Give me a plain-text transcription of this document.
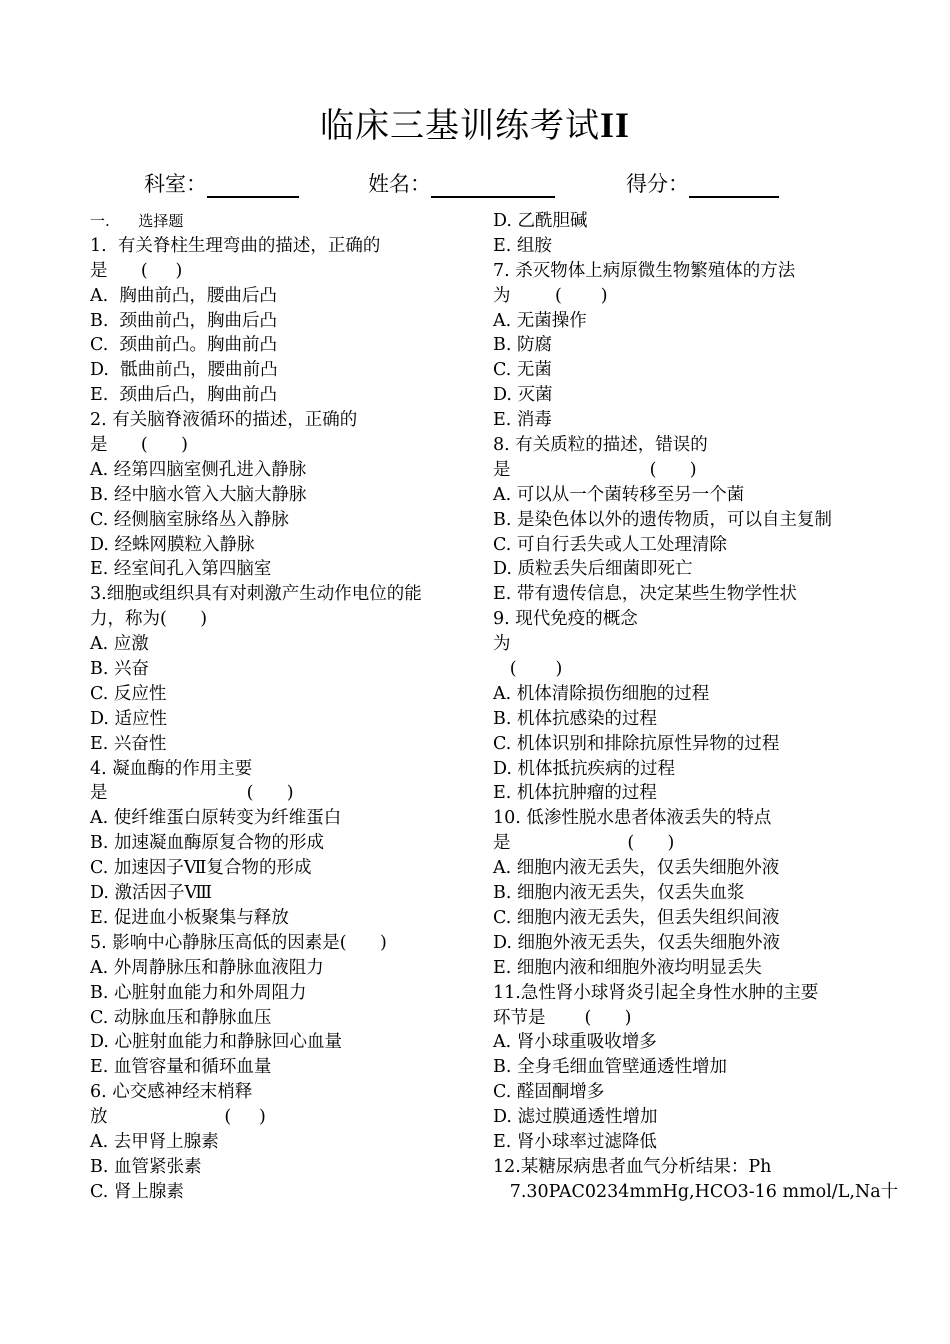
临床三基训练考试II
科室：	姓名：	得分：
一.      选择题
1.  有关脊柱生理弯曲的描述，正确的
是      (     )
A.  胸曲前凸，腰曲后凸
B.  颈曲前凸，胸曲后凸
C.  颈曲前凸。胸曲前凸
D.  骶曲前凸，腰曲前凸
E.  颈曲后凸，胸曲前凸
2. 有关脑脊液循环的描述，正确的
是      (      )
A. 经第四脑室侧孔进入静脉
B. 经中脑水管入大脑大静脉
C. 经侧脑室脉络丛入静脉
D. 经蛛网膜粒入静脉
E. 经室间孔入第四脑室
3.细胞或组织具有对刺激产生动作电位的能
力，称为(      )
A. 应激
B. 兴奋
C. 反应性
D. 适应性
E. 兴奋性
4. 凝血酶的作用主要
是                         (      )
A. 使纤维蛋白原转变为纤维蛋白
B. 加速凝血酶原复合物的形成
C. 加速因子Ⅶ复合物的形成
D. 激活因子Ⅷ
E. 促进血小板聚集与释放
5. 影响中心静脉压高低的因素是(      )
A. 外周静脉压和静脉血液阻力
B. 心脏射血能力和外周阻力
C. 动脉血压和静脉血压
D. 心脏射血能力和静脉回心血量
E. 血管容量和循环血量
6. 心交感神经末梢释
放                     (     )
A. 去甲肾上腺素
B. 血管紧张素
C. 肾上腺素
D. 乙酰胆碱
E. 组胺
7. 杀灭物体上病原微生物繁殖体的方法
为        (       )
A. 无菌操作
B. 防腐
C. 无菌
D. 灭菌
E. 消毒
8. 有关质粒的描述，错误的
是                         (      )
A. 可以从一个菌转移至另一个菌
B. 是染色体以外的遗传物质，可以自主复制
C. 可自行丢失或人工处理清除
D. 质粒丢失后细菌即死亡
E. 带有遗传信息，决定某些生物学性状
9. 现代免疫的概念
为
(       )
A. 机体清除损伤细胞的过程
B. 机体抗感染的过程
C. 机体识别和排除抗原性异物的过程
D. 机体抵抗疾病的过程
E. 机体抗肿瘤的过程
10. 低渗性脱水患者体液丢失的特点
是                     (      )
A. 细胞内液无丢失，仅丢失细胞外液
B. 细胞内液无丢失，仅丢失血浆
C. 细胞内液无丢失，但丢失组织间液
D. 细胞外液无丢失，仅丢失细胞外液
E. 细胞内液和细胞外液均明显丢失
11.急性肾小球肾炎引起全身性水肿的主要
环节是       (      )
A. 肾小球重吸收增多
B. 全身毛细血管壁通透性增加
C. 醛固酮增多
D. 滤过膜通透性增加
E. 肾小球率过滤降低
12.某糖尿病患者血气分析结果：Ph
7.30PAC0234mmHg,HCO3-16 mmol/L,Na十
